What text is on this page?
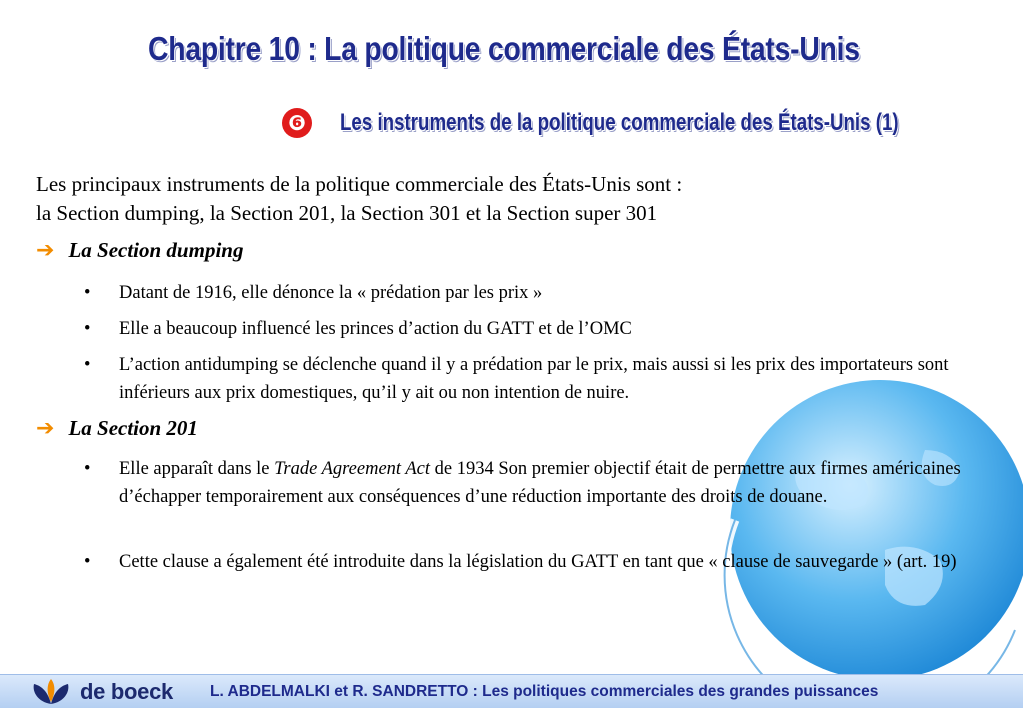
Chapitre 10 : La politique commerciale des États-Unis
❻ Les instruments de la politique commerciale des États-Unis (1)
Les principaux instruments de la politique commerciale des États-Unis sont :
la Section dumping, la Section 201, la Section 301 et la Section super 301
➔ La Section dumping
• Datant de 1916, elle dénonce la « prédation par les prix »
• Elle a beaucoup influencé les princes d’action du GATT et de l’OMC
• L’action antidumping se déclenche quand il y a prédation par le prix, mais aussi si les prix des importateurs sont inférieurs aux prix domestiques, qu’il y ait ou non intention de nuire.
➔ La Section 201
• Elle apparaît dans le Trade Agreement Act de 1934 Son premier objectif était de permettre aux firmes américaines d’échapper temporairement aux conséquences d’une réduction importante des droits de douane.
• Cette clause a également été introduite dans la législation du GATT en tant que « clause de sauvegarde » (art. 19)
de boeck L. ABDELMALKI et R. SANDRETTO : Les politiques commerciales des grandes puissances
